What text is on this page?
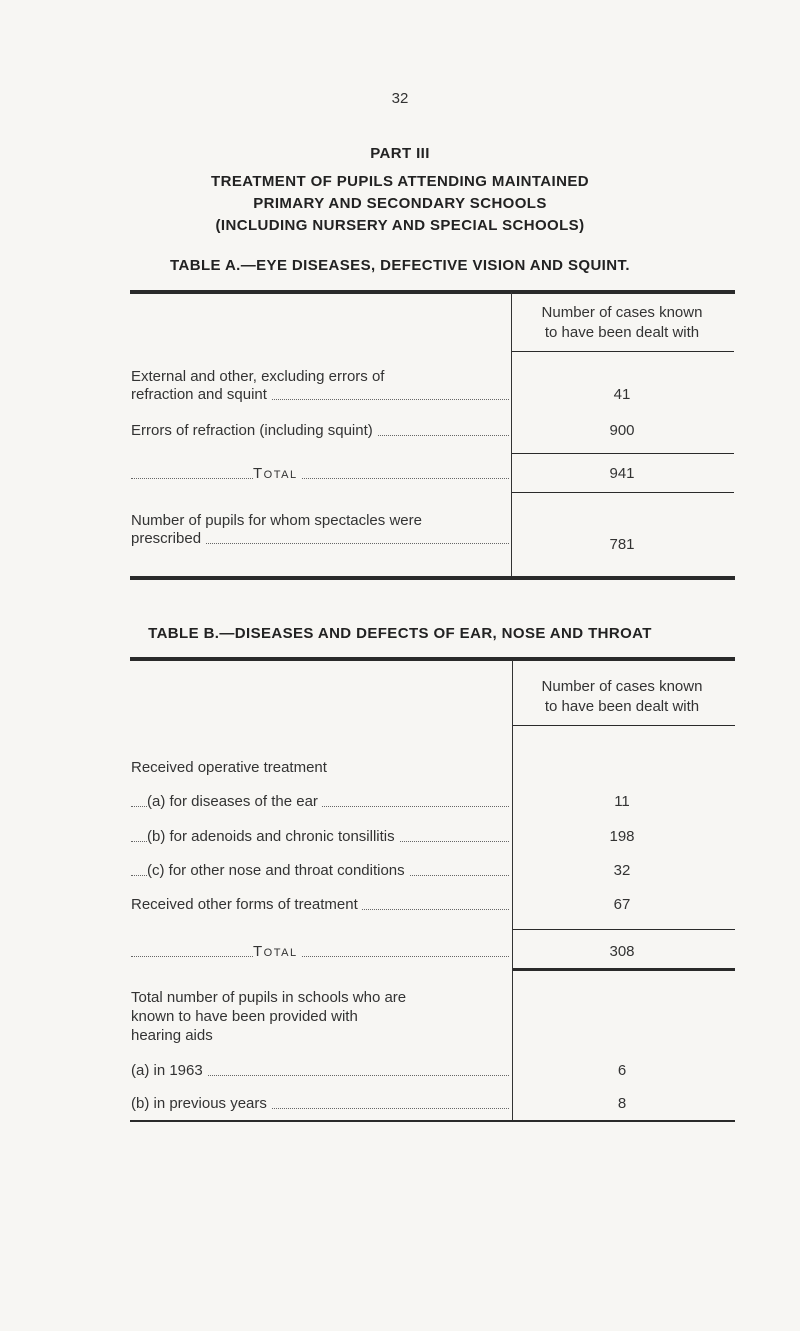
32
PART III
TREATMENT OF PUPILS ATTENDING MAINTAINED
PRIMARY AND SECONDARY SCHOOLS
(INCLUDING NURSERY AND SPECIAL SCHOOLS)
TABLE A.—EYE DISEASES, DEFECTIVE VISION AND SQUINT.
Number of cases known
to have been dealt with
External and other, excluding errors of
refraction and squint	41
Errors of refraction (including squint)	900
Total	941
Number of pupils for whom spectacles were
prescribed	781
TABLE B.—DISEASES AND DEFECTS OF EAR, NOSE AND THROAT
Number of cases known
to have been dealt with
Received operative treatment
(a) for diseases of the ear	11
(b) for adenoids and chronic tonsillitis	198
(c) for other nose and throat conditions	32
Received other forms of treatment	67
Total	308
Total number of pupils in schools who are
known to have been provided with
hearing aids
(a) in 1963	6
(b) in previous years	8
